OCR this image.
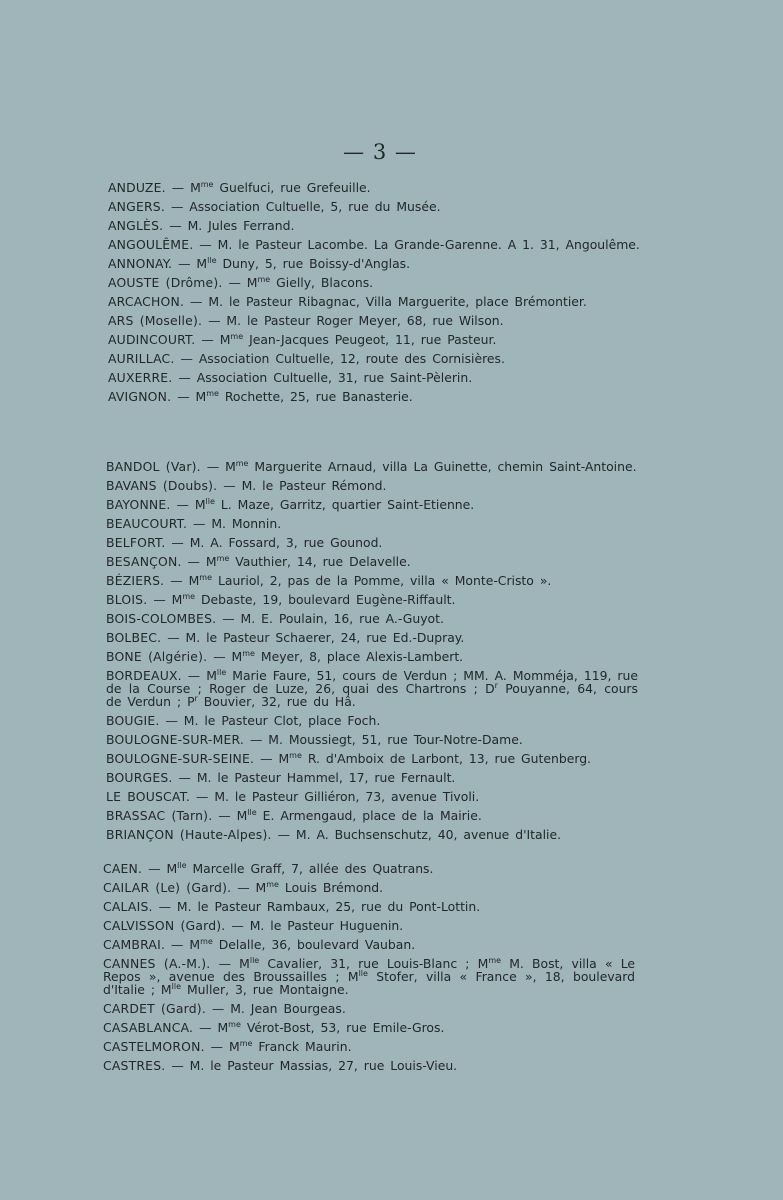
— 3 —
ANDUZE. — $M^{me}$ Guelfuci, rue Grefeuille.
ANGERS. — Association Cultuelle, 5, rue du Musée.
ANGLÈS. — M. Jules Ferrand.
ANGOULÊME. — M. le Pasteur Lacombe. La Grande-Garenne. A 1. 31, Angoulême.
ANNONAY. — $M^{lle}$ Duny, 5, rue Boissy-d'Anglas.
AOUSTE (Drôme). — $M^{me}$ Gielly, Blacons.
ARCACHON. — M. le Pasteur Ribagnac, Villa Marguerite, place Brémontier.
ARS (Moselle). — M. le Pasteur Roger Meyer, 68, rue Wilson.
AUDINCOURT. — $M^{me}$ Jean-Jacques Peugeot, 11, rue Pasteur.
AURILLAC. — Association Cultuelle, 12, route des Cornisières.
AUXERRE. — Association Cultuelle, 31, rue Saint-Pèlerin.
AVIGNON. — $M^{me}$ Rochette, 25, rue Banasterie.
BANDOL (Var). — $M^{me}$ Marguerite Arnaud, villa La Guinette, chemin Saint-Antoine.
BAVANS (Doubs). — M. le Pasteur Rémond.
BAYONNE. — $M^{lle}$ L. Maze, Garritz, quartier Saint-Etienne.
BEAUCOURT. — M. Monnin.
BELFORT. — M. A. Fossard, 3, rue Gounod.
BESANÇON. — $M^{me}$ Vauthier, 14, rue Delavelle.
BÉZIERS. — $M^{me}$ Lauriol, 2, pas de la Pomme, villa « Monte-Cristo ».
BLOIS. — $M^{me}$ Debaste, 19, boulevard Eugène-Riffault.
BOIS-COLOMBES. — M. E. Poulain, 16, rue A.-Guyot.
BOLBEC. — M. le Pasteur Schaerer, 24, rue Ed.-Dupray.
BONE (Algérie). — $M^{me}$ Meyer, 8, place Alexis-Lambert.
BORDEAUX. — $M^{lle}$ Marie Faure, 51, cours de Verdun ; MM. A. Momméja, 119, rue de la Course ; Roger de Luze, 26, quai des Chartrons ; $D^r$ Pouyanne, 64, cours de Verdun ; $P^r$ Bouvier, 32, rue du Hâ.
BOUGIE. — M. le Pasteur Clot, place Foch.
BOULOGNE-SUR-MER. — M. Moussiegt, 51, rue Tour-Notre-Dame.
BOULOGNE-SUR-SEINE. — $M^{me}$ R. d'Amboix de Larbont, 13, rue Gutenberg.
BOURGES. — M. le Pasteur Hammel, 17, rue Fernault.
LE BOUSCAT. — M. le Pasteur Gilliéron, 73, avenue Tivoli.
BRASSAC (Tarn). — $M^{lle}$ E. Armengaud, place de la Mairie.
BRIANÇON (Haute-Alpes). — M. A. Buchsenschutz, 40, avenue d'Italie.
CAEN. — $M^{lle}$ Marcelle Graff, 7, allée des Quatrans.
CAILAR (Le) (Gard). — $M^{me}$ Louis Brémond.
CALAIS. — M. le Pasteur Rambaux, 25, rue du Pont-Lottin.
CALVISSON (Gard). — M. le Pasteur Huguenin.
CAMBRAI. — $M^{me}$ Delalle, 36, boulevard Vauban.
CANNES (A.-M.). — $M^{lle}$ Cavalier, 31, rue Louis-Blanc ; $M^{me}$ M. Bost, villa « Le Repos », avenue des Broussailles ; $M^{lle}$ Stofer, villa « France », 18, boulevard d'Italie ; $M^{lle}$ Muller, 3, rue Montaigne.
CARDET (Gard). — M. Jean Bourgeas.
CASABLANCA. — $M^{me}$ Vérot-Bost, 53, rue Emile-Gros.
CASTELMORON. — $M^{me}$ Franck Maurin.
CASTRES. — M. le Pasteur Massias, 27, rue Louis-Vieu.
